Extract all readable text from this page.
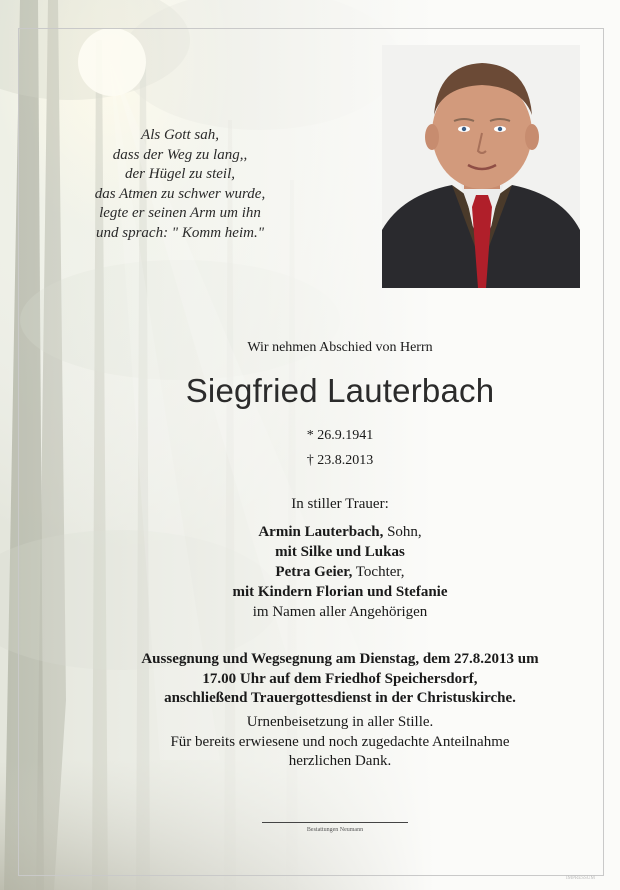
Als Gott sah,
dass der Weg zu lang,,
der Hügel zu steil,
das Atmen zu schwer wurde,
legte er seinen Arm um ihn
und sprach: " Komm heim."
Wir nehmen Abschied von Herrn
Siegfried Lauterbach
* 26.9.1941
† 23.8.2013
In stiller Trauer:
Armin Lauterbach, Sohn,
mit Silke und Lukas
Petra Geier, Tochter,
mit Kindern Florian und Stefanie
im Namen aller Angehörigen
Aussegnung und Wegsegnung am Dienstag, dem 27.8.2013 um
17.00 Uhr auf dem Friedhof Speichersdorf,
anschließend Trauergottesdienst in der Christuskirche.
Urnenbeisetzung in aller Stille.
Für bereits erwiesene und noch zugedachte Anteilnahme
herzlichen Dank.
Bestattungen Neumann
IMPRESSUM
